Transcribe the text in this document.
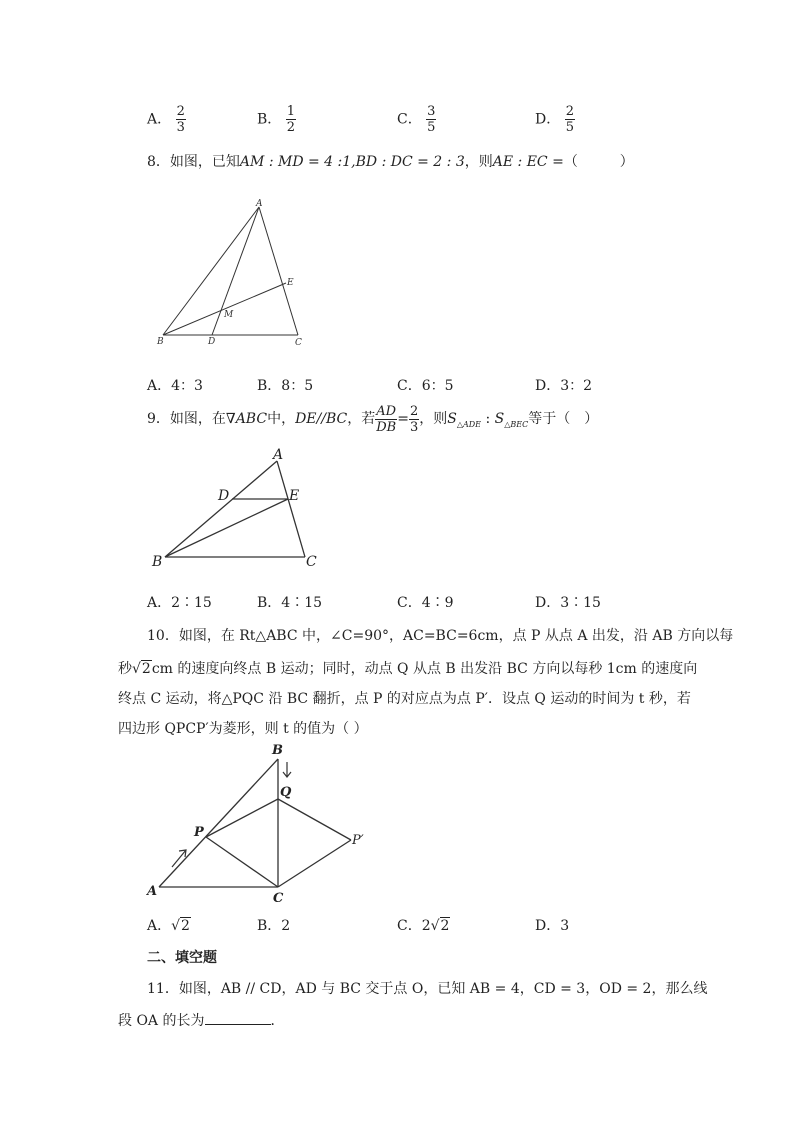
A． $\frac{2}{3}$	B． $\frac{1}{2}$	C． $\frac{3}{5}$	D． $\frac{2}{5}$
8．如图，已知AM : MD = 4 :1,BD : DC = 2 : 3，则AE : EC =（　　　）
A
B	C
D
E
M
A．4：3	B．8：5	C．6：5	D．3：2
9．如图，在∇ABC中，DE//BC，若 $\frac{AD}{DB} = \frac{2}{3}$ ，则$S_{\triangle ADE}$ : $S_{\triangle BEC}$等于（　）
A
D	E
B	C
A．2∶15	B．4∶15	C．4∶9	D．3∶15
10．如图，在 Rt△ABC 中，∠C=90°，AC=BC=6cm，点 P 从点 A 出发，沿 AB 方向以每
秒√2cm 的速度向终点 B 运动；同时，动点 Q 从点 B 出发沿 BC 方向以每秒 1cm 的速度向
终点 C 运动，将△PQC 沿 BC 翻折，点 P 的对应点为点 P′．设点 Q 运动的时间为 t 秒，若
四边形 QPCP′为菱形，则 t 的值为（ ）
B
Q
P
P′
A	C
A．√2	B．2	C．2√2	D．3
二、填空题
11．如图，AB // CD，AD 与 BC 交于点 O，已知 AB = 4，CD = 3，OD = 2，那么线
段 OA 的长为	．
